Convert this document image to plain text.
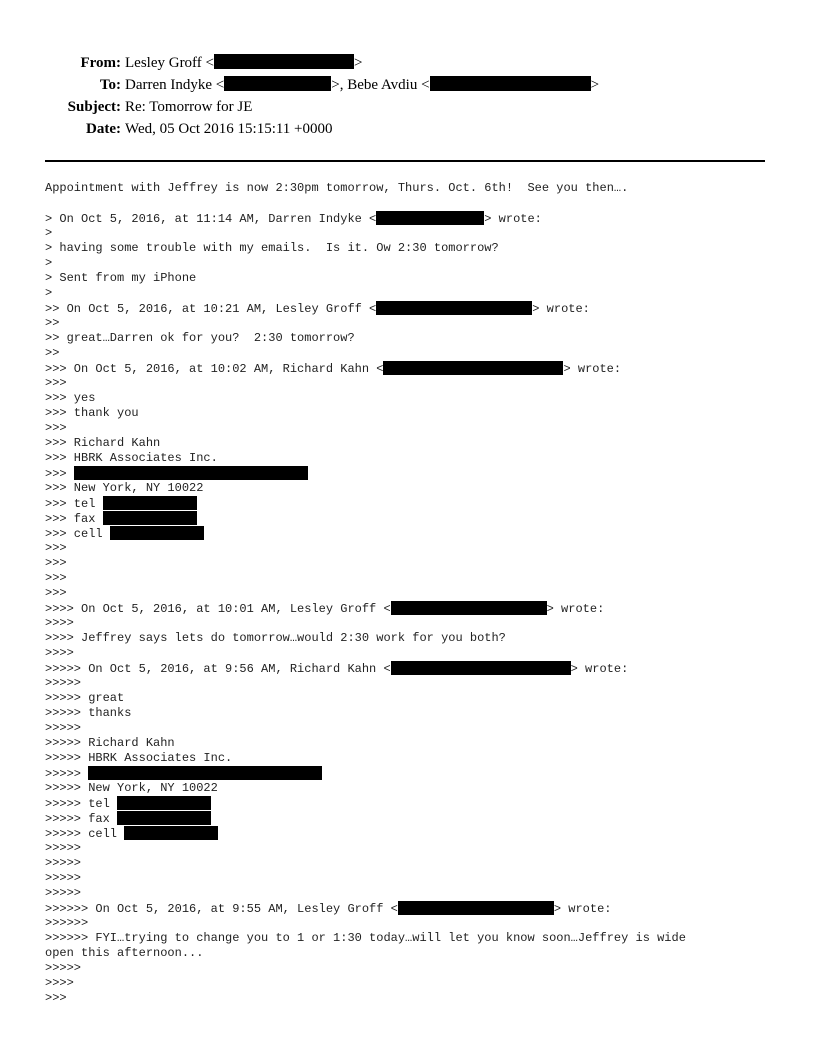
From:

Lesley Groff <	>

To:

Darren Indyke <	>, Bebe Avdiu <	>

Subject:

Re: Tomorrow for JE

Date:

Wed, 05 Oct 2016 15:15:11 +0000

Appointment with Jeffrey is now 2:30pm tomorrow, Thurs. Oct. 6th!  See you then….
> On Oct 5, 2016, at 11:14 AM, Darren Indyke <	> wrote:
>
> having some trouble with my emails.  Is it. Ow 2:30 tomorrow?
>
> Sent from my iPhone
>
>> On Oct 5, 2016, at 10:21 AM, Lesley Groff <	> wrote:
>>
>> great…Darren ok for you?  2:30 tomorrow?
>>
>>> On Oct 5, 2016, at 10:02 AM, Richard Kahn <	> wrote:
>>>
>>> yes
>>> thank you
>>>
>>> Richard Kahn
>>> HBRK Associates Inc.
>>>
>>> New York, NY 10022
>>> tel
>>> fax
>>> cell
>>>
>>>
>>>
>>>
>>>> On Oct 5, 2016, at 10:01 AM, Lesley Groff <	> wrote:
>>>>
>>>> Jeffrey says lets do tomorrow…would 2:30 work for you both?
>>>>
>>>>> On Oct 5, 2016, at 9:56 AM, Richard Kahn <	> wrote:
>>>>>
>>>>> great
>>>>> thanks
>>>>>
>>>>> Richard Kahn
>>>>> HBRK Associates Inc.
>>>>>
>>>>> New York, NY 10022
>>>>> tel
>>>>> fax
>>>>> cell
>>>>>
>>>>>
>>>>>
>>>>>
>>>>>> On Oct 5, 2016, at 9:55 AM, Lesley Groff <	> wrote:
>>>>>>
>>>>>> FYI…trying to change you to 1 or 1:30 today…will let you know soon…Jeffrey is wide
open this afternoon...
>>>>>
>>>>
>>>
